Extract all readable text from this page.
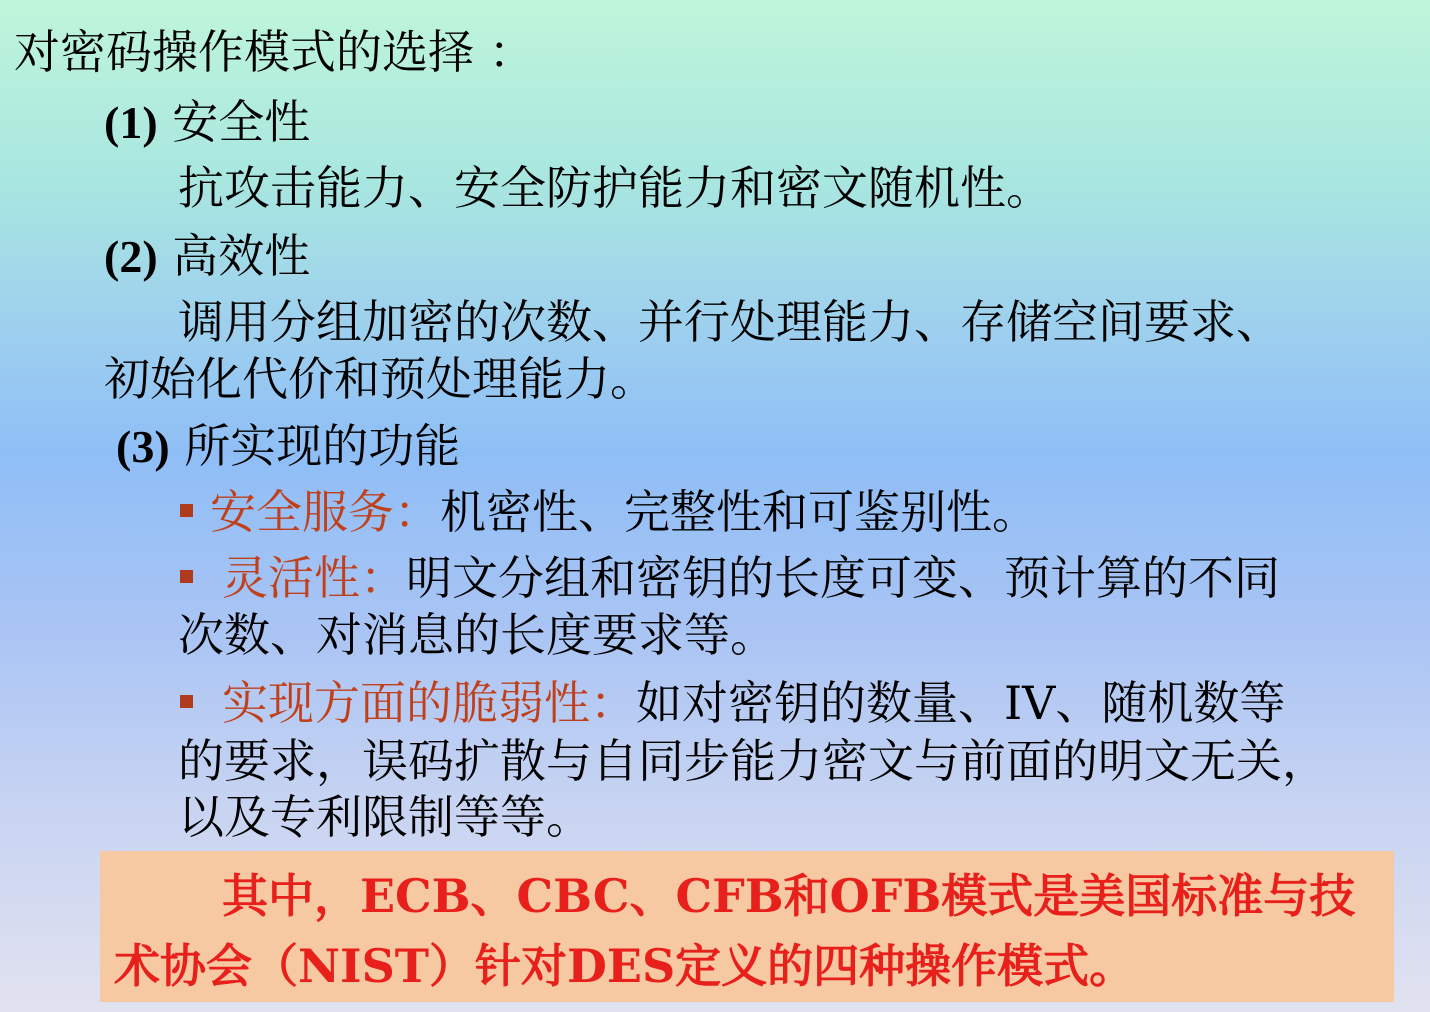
对密码操作模式的选择 ：
(1) 安全性
抗攻击能力、安全防护能力和密文随机性。
(2) 高效性
调用分组加密的次数、并行处理能力、存储空间要求、
初始化代价和预处理能力。
(3) 所实现的功能
安全服务：机密性、完整性和可鉴别性。
灵活性：明文分组和密钥的长度可变、预计算的不同
次数、对消息的长度要求等。
实现方面的脆弱性：如对密钥的数量、IV、随机数等
的要求，误码扩散与自同步能力密文与前面的明文无关，
以及专利限制等等。
其中，ECB、CBC、CFB和OFB模式是美国标准与技
术协会（NIST）针对DES定义的四种操作模式。
